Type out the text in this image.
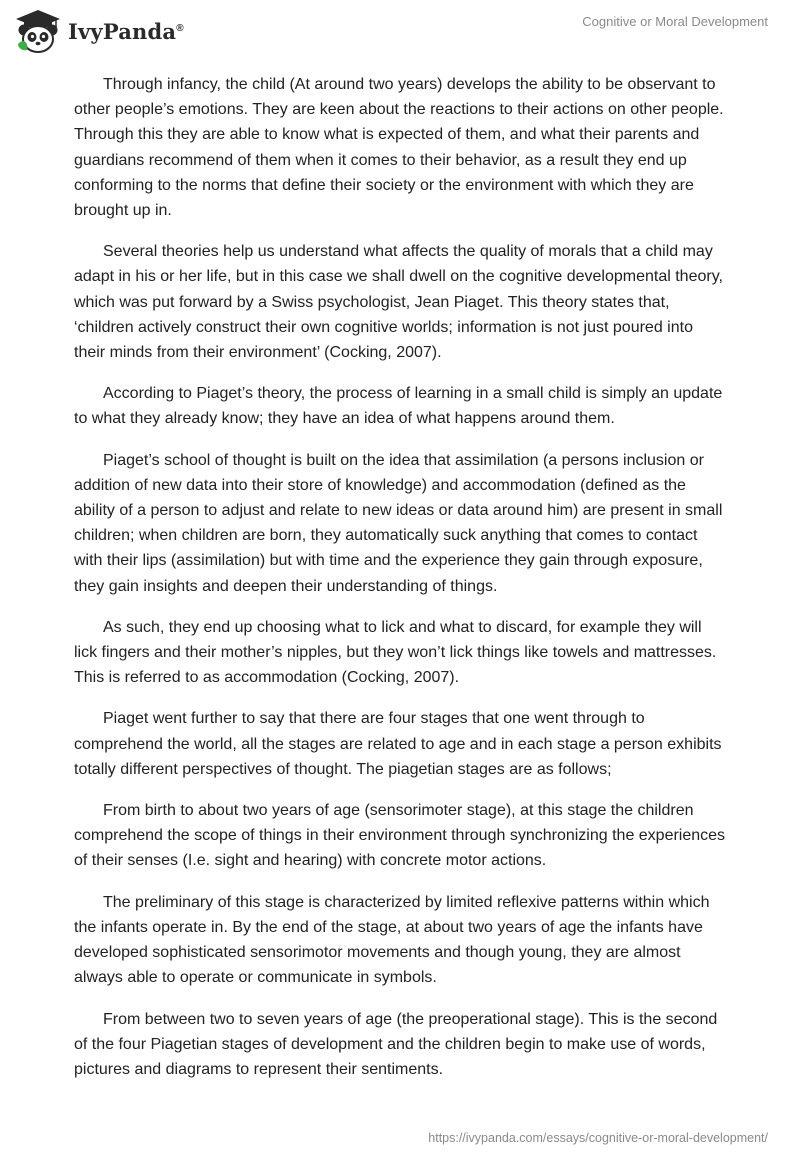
IvyPanda®	Cognitive or Moral Development

Through infancy, the child (At around two years) develops the ability to be observant to other people’s emotions. They are keen about the reactions to their actions on other people. Through this they are able to know what is expected of them, and what their parents and guardians recommend of them when it comes to their behavior, as a result they end up conforming to the norms that define their society or the environment with which they are brought up in.

Several theories help us understand what affects the quality of morals that a child may adapt in his or her life, but in this case we shall dwell on the cognitive developmental theory, which was put forward by a Swiss psychologist, Jean Piaget. This theory states that, ‘children actively construct their own cognitive worlds; information is not just poured into their minds from their environment’ (Cocking, 2007).

According to Piaget’s theory, the process of learning in a small child is simply an update to what they already know; they have an idea of what happens around them.

Piaget’s school of thought is built on the idea that assimilation (a persons inclusion or addition of new data into their store of knowledge) and accommodation (defined as the ability of a person to adjust and relate to new ideas or data around him) are present in small children; when children are born, they automatically suck anything that comes to contact with their lips (assimilation) but with time and the experience they gain through exposure, they gain insights and deepen their understanding of things.

As such, they end up choosing what to lick and what to discard, for example they will lick fingers and their mother’s nipples, but they won’t lick things like towels and mattresses. This is referred to as accommodation (Cocking, 2007).

Piaget went further to say that there are four stages that one went through to comprehend the world, all the stages are related to age and in each stage a person exhibits totally different perspectives of thought. The piagetian stages are as follows;

From birth to about two years of age (sensorimoter stage), at this stage the children comprehend the scope of things in their environment through synchronizing the experiences of their senses (I.e. sight and hearing) with concrete motor actions.

The preliminary of this stage is characterized by limited reflexive patterns within which the infants operate in. By the end of the stage, at about two years of age the infants have developed sophisticated sensorimotor movements and though young, they are almost always able to operate or communicate in symbols.

From between two to seven years of age (the preoperational stage). This is the second of the four Piagetian stages of development and the children begin to make use of words, pictures and diagrams to represent their sentiments.

https://ivypanda.com/essays/cognitive-or-moral-development/
